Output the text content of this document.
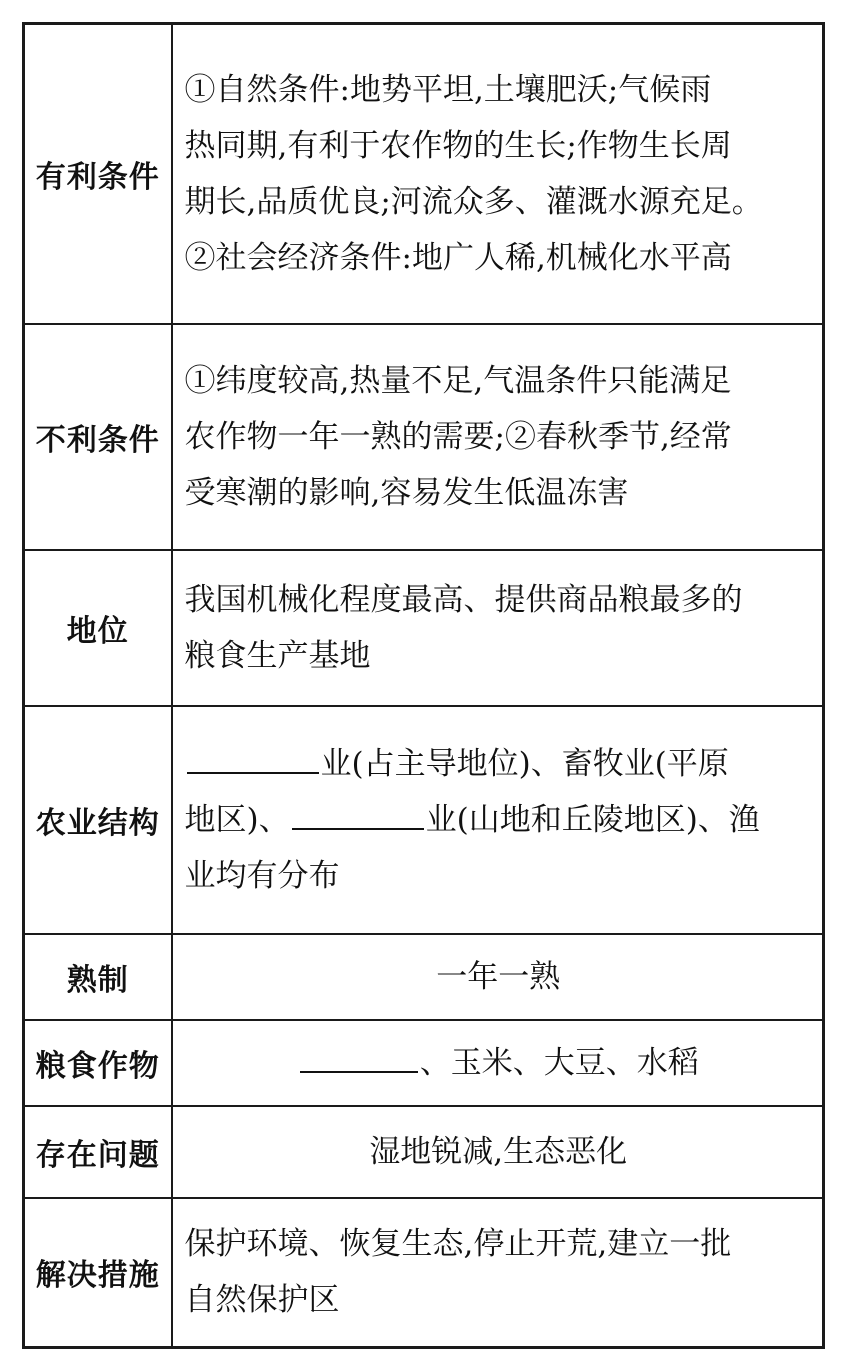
有利条件	①自然条件:地势平坦,土壤肥沃;气候雨
热同期,有利于农作物的生长;作物生长周
期长,品质优良;河流众多、灌溉水源充足。
②社会经济条件:地广人稀,机械化水平高

不利条件	①纬度较高,热量不足,气温条件只能满足
农作物一年一熟的需要;②春秋季节,经常
受寒潮的影响,容易发生低温冻害

地位	我国机械化程度最高、提供商品粮最多的
粮食生产基地

农业结构	业(占主导地位)、畜牧业(平原
地区)、 业(山地和丘陵地区)、渔
业均有分布

熟制	一年一熟
粮食作物	、玉米、大豆、水稻
存在问题	湿地锐减,生态恶化
解决措施	保护环境、恢复生态,停止开荒,建立一批
自然保护区
